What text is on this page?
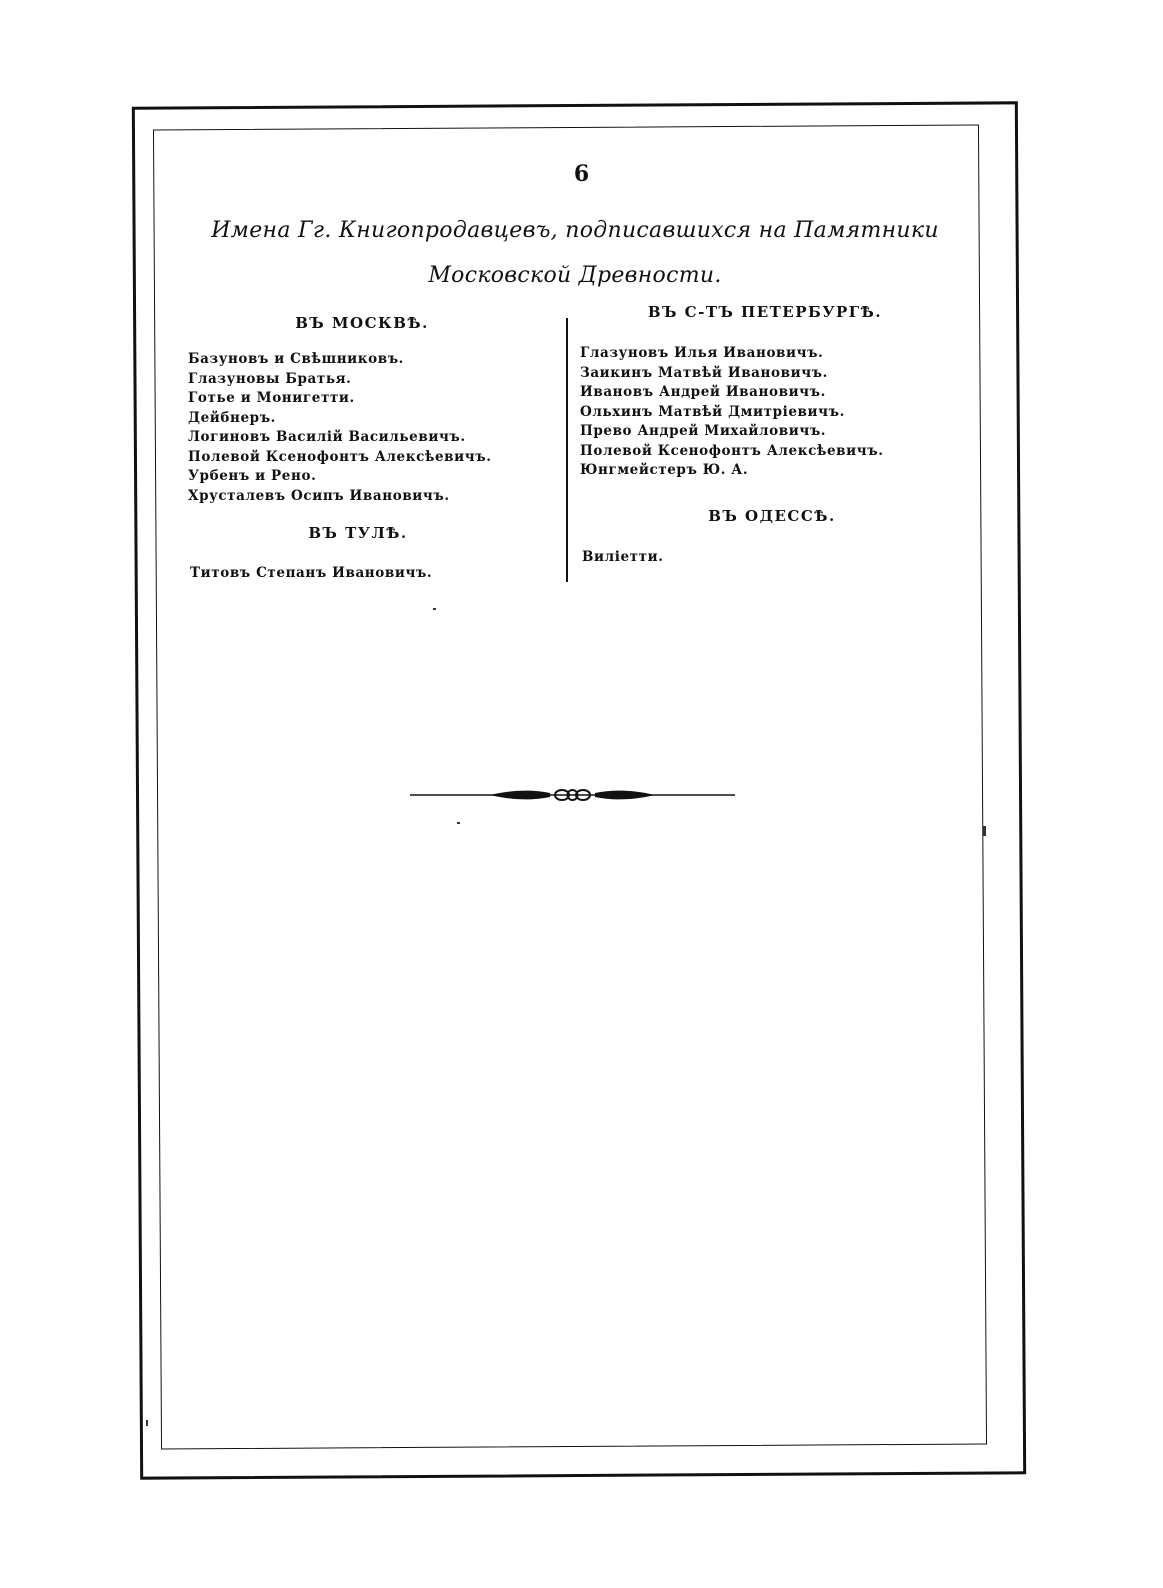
6
Имена Гг. Книгопродавцевъ, подписавшихся на Памятники Московской Древности.
ВЪ МОСКВѢ.
Базуновъ и Свѣшниковъ.
Глазуновы Братья.
Готье и Монигетти.
Дейбнеръ.
Логиновъ Василій Васильевичъ.
Полевой Ксенофонтъ Алексѣевичъ.
Урбенъ и Рено.
Хрусталевъ Осипъ Ивановичъ.
ВЪ ТУЛѢ.
Титовъ Степанъ Ивановичъ.
ВЪ С-ТЪ ПЕТЕРБУРГѢ.
Глазуновъ Илья Ивановичъ.
Заикинъ Матвѣй Ивановичъ.
Ивановъ Андрей Ивановичъ.
Ольхинъ Матвѣй Дмитріевичъ.
Прево Андрей Михайловичъ.
Полевой Ксенофонтъ Алексѣевичъ.
Юнгмейстеръ Ю. А.
ВЪ ОДЕССѢ.
Виліетти.
